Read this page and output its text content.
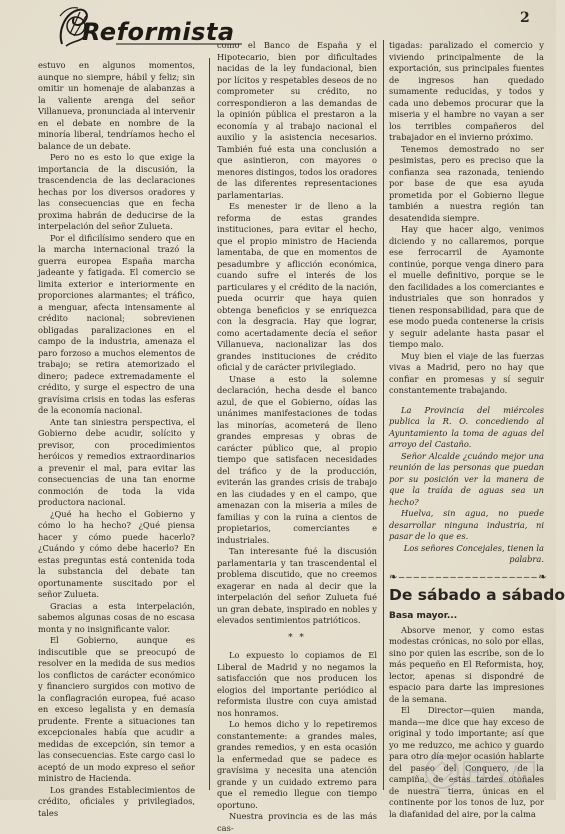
Reformista	2

estuvo en algunos momentos, aunque no siempre, hábil y feliz; sin omitir un homenaje de alabanzas a la valiente arenga del señor Villanueva, pronunciada al intervenir en el debate en nombre de la minoría liberal, tendríamos hecho el balance de un debate.

Pero no es esto lo que exige la importancia de la discusión, la trascendencia de las declaraciones hechas por los diversos oradores y las consecuencias que en fecha proxima habrán de deducirse de la interpelación del señor Zulueta.

Por el dificilísimo sendero que en la marcha internacional trazó la guerra europea España marcha jadeante y fatigada. El comercio se limita exterior e interiormente en proporciones alarmantes; el tráfico, a menguar, afecta intensamente al crédito nacional; sobrevienen obligadas paralizaciones en el campo de la industria, amenaza el paro forzoso a muchos elementos de trabajo; se retira atemorizado el dinero; padece extremadamente el crédito, y surge el espectro de una gravísima crisis en todas las esferas de la economía nacional.

Ante tan siniestra perspectiva, el Gobierno debe acudir, solícito y previsor, con procedimientos heróicos y remedios extraordinarios a prevenir el mal, para evitar las consecuencias de una tan enorme conmoción de toda la vida productora nacional.

¿Qué ha hecho el Gobierno y cómo lo ha hecho? ¿Qué piensa hacer y cómo puede hacerlo? ¿Cuándo y cómo debe hacerlo? En estas preguntas está contenida toda la substancia del debate tan oportunamente suscitado por el señor Zulueta.

Gracias a esta interpelación, sabemos algunas cosas de no escasa monta y no insignificante valor.

El Gobierno, aunque es indiscutible que se preocupó de resolver en la medida de sus medios los conflictos de carácter económico y financiero surgidos con motivo de la conflagración europea, fué acaso en exceso legalista y en demasía prudente. Frente a situaciones tan excepcionales había que acudir a medidas de excepción, sin temor a las consecuencias. Este cargo casi lo aceptó de un modo expreso el señor ministro de Hacienda.

Los grandes Establecimientos de crédito, oficiales y privilegiados, tales

como el Banco de España y el Hipotecario, bien por dificultades nacidas de la ley fundacional, bien por lícitos y respetables deseos de no comprometer su crédito, no correspondieron a las demandas de la opinión pública el prestaron a la economía y al trabajo nacional el auxilio y la asistencia necesarios. También fué esta una conclusión a que asintieron, con mayores o menores distingos, todos los oradores de las diferentes representaciones parlamentarias.

Es menester ir de lleno a la reforma de estas grandes instituciones, para evitar el hecho, que el propio ministro de Hacienda lamentaba, de que en momentos de pesadumbre y aflicción económica, cuando sufre el interés de los particulares y el crédito de la nación, pueda ocurrir que haya quien obtenga beneficios y se enriquezca con la desgracia. Hay que lograr, como acertadamente decía el señor Villanueva, nacionalizar las dos grandes instituciones de crédito oficial y de carácter privilegiado.

Unase a esto la solemne declaración, hecha desde el banco azul, de que el Gobierno, oídas las unánimes manifestaciones de todas las minorías, acometerá de lleno grandes empresas y obras de carácter público que, al propio tiempo que satisfacen necesidades del tráfico y de la producción, eviterán las grandes crisis de trabajo en las ciudades y en el campo, que amenazan con la miseria a miles de familias y con la ruina a cientos de propietarios, comerciantes e industriales.

Tan interesante fué la discusión parlamentaria y tan trascendental el problema discutido, que no creemos exagerar en nada al decir que la interpelación del señor Zulueta fué un gran debate, inspirado en nobles y elevados sentimientos patrióticos.

* *

Lo expuesto lo copiamos de El Liberal de Madrid y no negamos la satisfacción que nos producen los elogios del importante periódico al reformista ilustre con cuya amistad nos honramos.

Lo hemos dicho y lo repetiremos constantemente: a grandes males, grandes remedios, y en esta ocasión la enfermedad que se padece es gravísima y necesita una atención grande y un cuidado extremo para que el remedio llegue con tiempo oportuno.

Nuestra provincia es de las más cas-

tigadas: paralizado el comercio y viviendo principalmente de la exportación, sus principales fuentes de ingresos han quedado sumamente reducidas, y todos y cada uno debemos procurar que la miseria y el hambre no vayan a ser los terribles compañeros del trabajador en el invierno próximo.

Tenemos demostrado no ser pesimistas, pero es preciso que la confianza sea razonada, teniendo por base de que esa ayuda prometida por el Gobierno llegue también a nuestra región tan desatendida siempre.

Hay que hacer algo, venimos diciendo y no callaremos, porque ese ferrocarril de Ayamonte continúe, porque venga dinero para el muelle definitivo, porque se le den facilidades a los comerciantes e industriales que son honrados y tienen responsabilidad, para que de ese modo pueda contenerse la crisis y seguir adelante hasta pasar el tiempo malo.

Muy bien el viaje de las fuerzas vivas a Madrid, pero no hay que confiar en promesas y sí seguir constantemente trabajando.

La Provincia del miércoles publica la R. O. concediendo al Ayuntamiento la toma de aguas del arroyo del Castaño.

Señor Alcalde ¿cuándo mejor una reunión de las personas que puedan por su posición ver la manera de que la traída de aguas sea un hecho?

Huelva, sin agua, no puede desarrollar ninguna industria, ni pasar de lo que es.

Los señores Concejales, tienen la palabra.

❧‒‒‒‒‒‒‒‒‒‒‒‒‒‒‒‒‒‒‒❧
De sábado a sábado
Basa mayor...

Absorve menor, y como estas modestas crónicas, no solo por ellas, sino por quien las escribe, son de lo más pequeño en El Reformista, hoy, lector, apenas si dispondré de espacio para darte las impresiones de la semana.

El Director—quien manda, manda—me dice que hay exceso de original y todo importante; así que yo me reduzco, me achico y guardo para otro día mejor ocasión hablarte del paseo del Conquero, de la campiña, de estas tardes otoñales de nuestra tierra, únicas en el continente por los tonos de luz, por la diafanidad del aire, por la calma
